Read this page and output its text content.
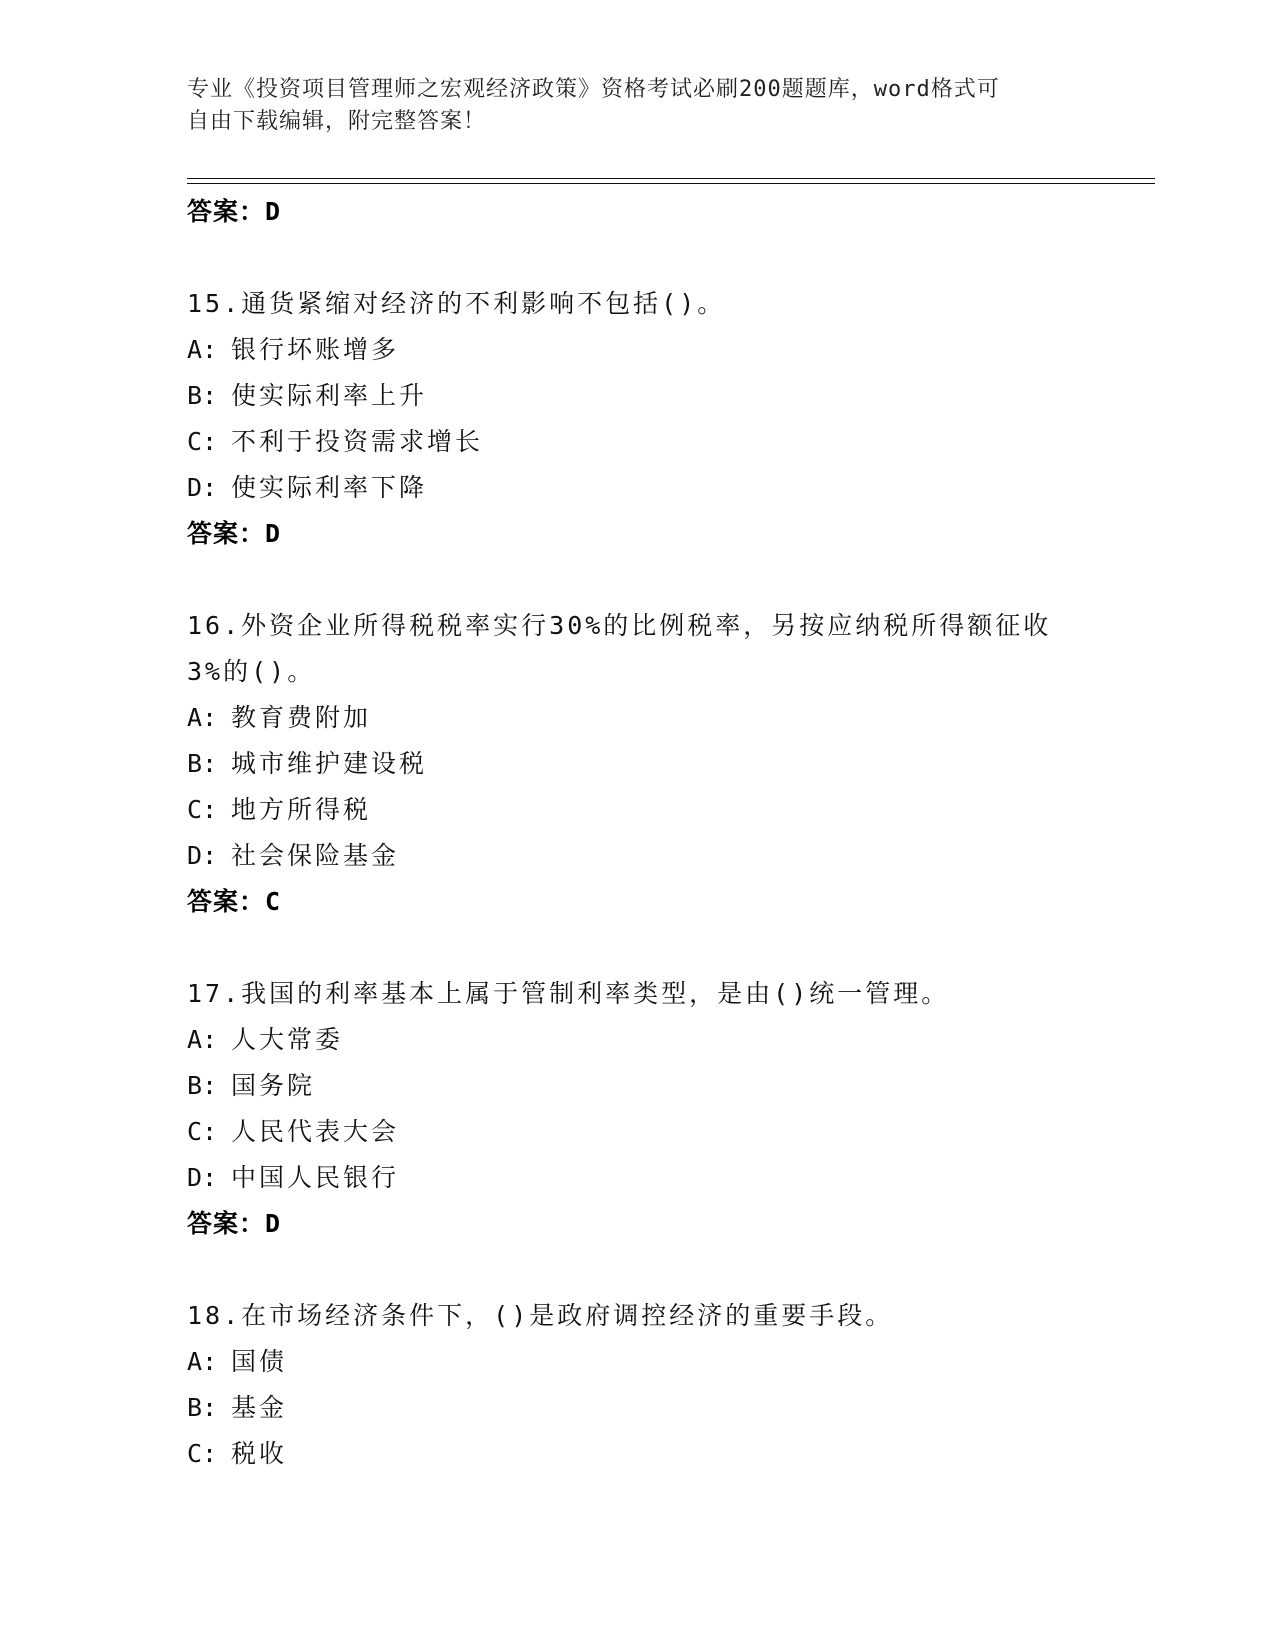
专业《投资项目管理师之宏观经济政策》资格考试必刷200题题库，word格式可
自由下载编辑，附完整答案！
答案：D
15.通货紧缩对经济的不利影响不包括()。
A: 银行坏账增多
B: 使实际利率上升
C: 不利于投资需求增长
D: 使实际利率下降
答案：D
16.外资企业所得税税率实行30%的比例税率，另按应纳税所得额征收
3%的()。
A: 教育费附加
B: 城市维护建设税
C: 地方所得税
D: 社会保险基金
答案：C
17.我国的利率基本上属于管制利率类型，是由()统一管理。
A: 人大常委
B: 国务院
C: 人民代表大会
D: 中国人民银行
答案：D
18.在市场经济条件下，()是政府调控经济的重要手段。
A: 国债
B: 基金
C: 税收
